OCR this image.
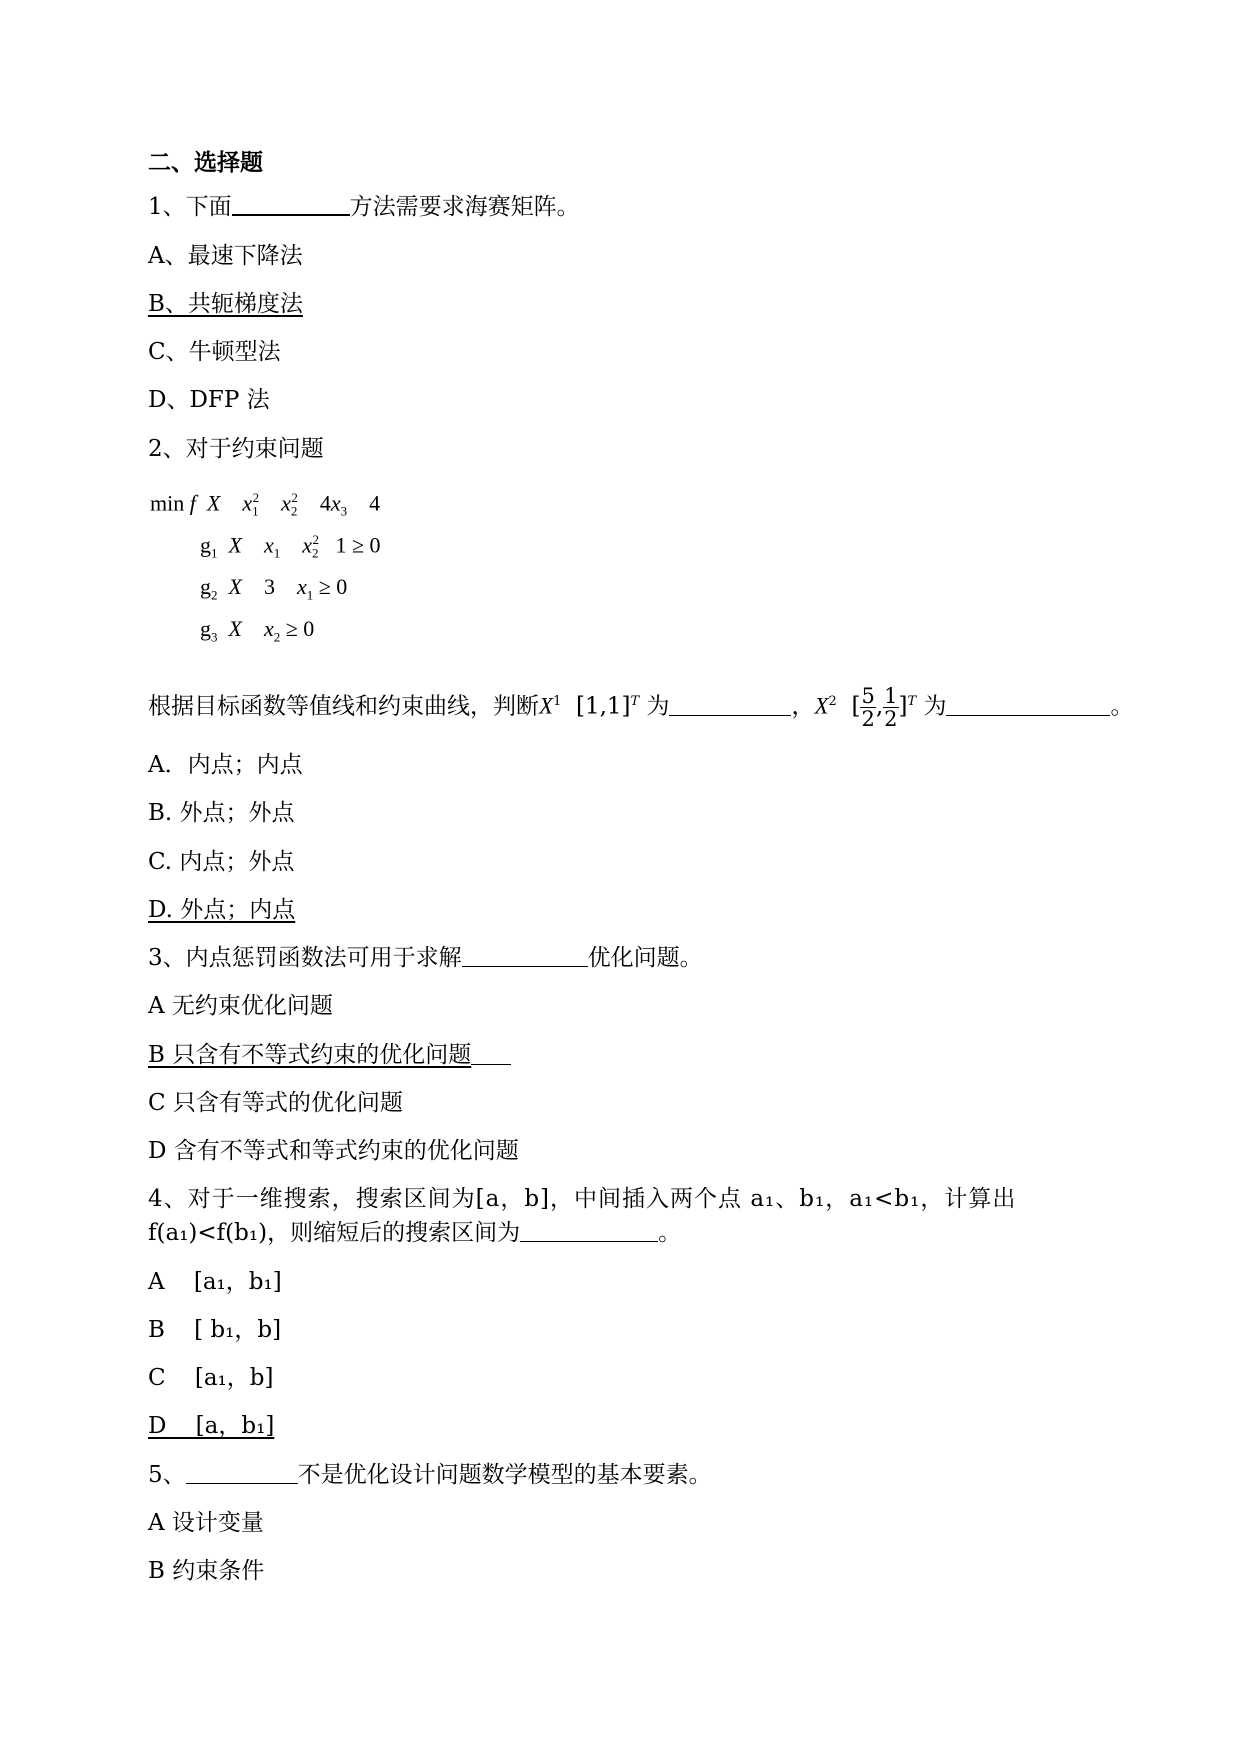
二、选择题
1、下面	方法需要求海赛矩阵。
A、最速下降法
B、共轭梯度法
C、牛顿型法
D、DFP 法
2、对于约束问题
min f X $x_1^2$ $x_2^2$    $4x_3$    4
$g_1$ X $x_1$ $x_2^2$ 1 ≥ 0
$g_2$ X 3 $x_1 \ge 0$
$g_3$ X $x_2 \ge 0$
根据目标函数等值线和约束曲线，判断$X^1$ $[1,1]^T$ 为	，$X^2$  [ $\frac{5}{2}$ , $\frac{1}{2} ]^T$ 为	。
A．内点；内点
B. 外点；外点
C. 内点；外点
D. 外点；内点
3、内点惩罚函数法可用于求解	优化问题。
A 无约束优化问题
B 只含有不等式约束的优化问题
C 只含有等式的优化问题
D 含有不等式和等式约束的优化问题
4、对于一维搜索，搜索区间为[a，b]，中间插入两个点 a₁、b₁，a₁<b₁，计算出
f(a₁)<f(b₁)，则缩短后的搜索区间为	。
A    [a₁，b₁]
B    [ b₁，b]
C    [a₁，b]
D    [a，b₁]
5、	不是优化设计问题数学模型的基本要素。
A 设计变量
B 约束条件
